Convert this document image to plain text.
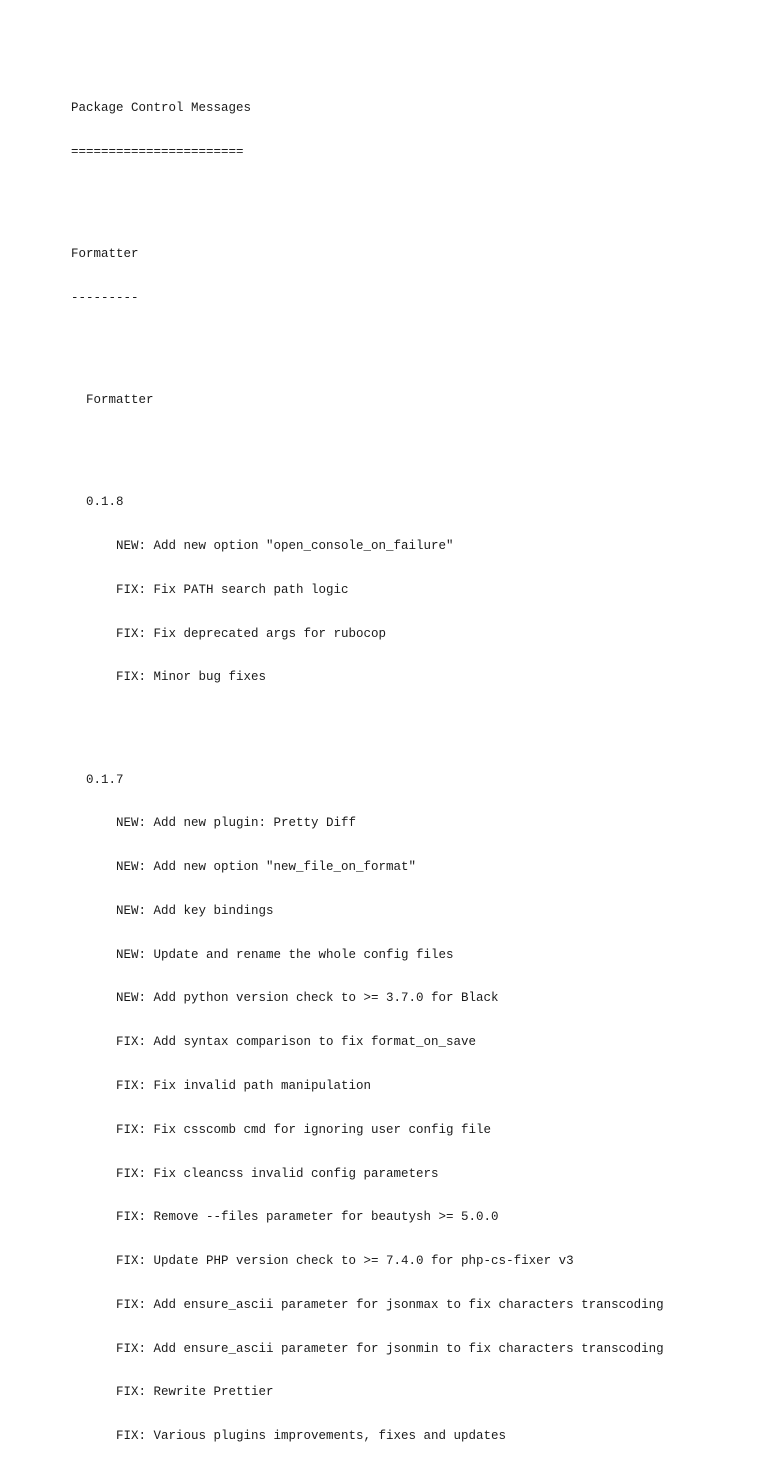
Package Control Messages

=======================

Formatter

---------

Formatter

0.1.8

NEW: Add new option "open_console_on_failure"

FIX: Fix PATH search path logic

FIX: Fix deprecated args for rubocop

FIX: Minor bug fixes

0.1.7

NEW: Add new plugin: Pretty Diff

NEW: Add new option "new_file_on_format"

NEW: Add key bindings

NEW: Update and rename the whole config files

NEW: Add python version check to >= 3.7.0 for Black

FIX: Add syntax comparison to fix format_on_save

FIX: Fix invalid path manipulation

FIX: Fix csscomb cmd for ignoring user config file

FIX: Fix cleancss invalid config parameters

FIX: Remove --files parameter for beautysh >= 5.0.0

FIX: Update PHP version check to >= 7.4.0 for php-cs-fixer v3

FIX: Add ensure_ascii parameter for jsonmax to fix characters transcoding

FIX: Add ensure_ascii parameter for jsonmin to fix characters transcoding

FIX: Rewrite Prettier

FIX: Various plugins improvements, fixes and updates
